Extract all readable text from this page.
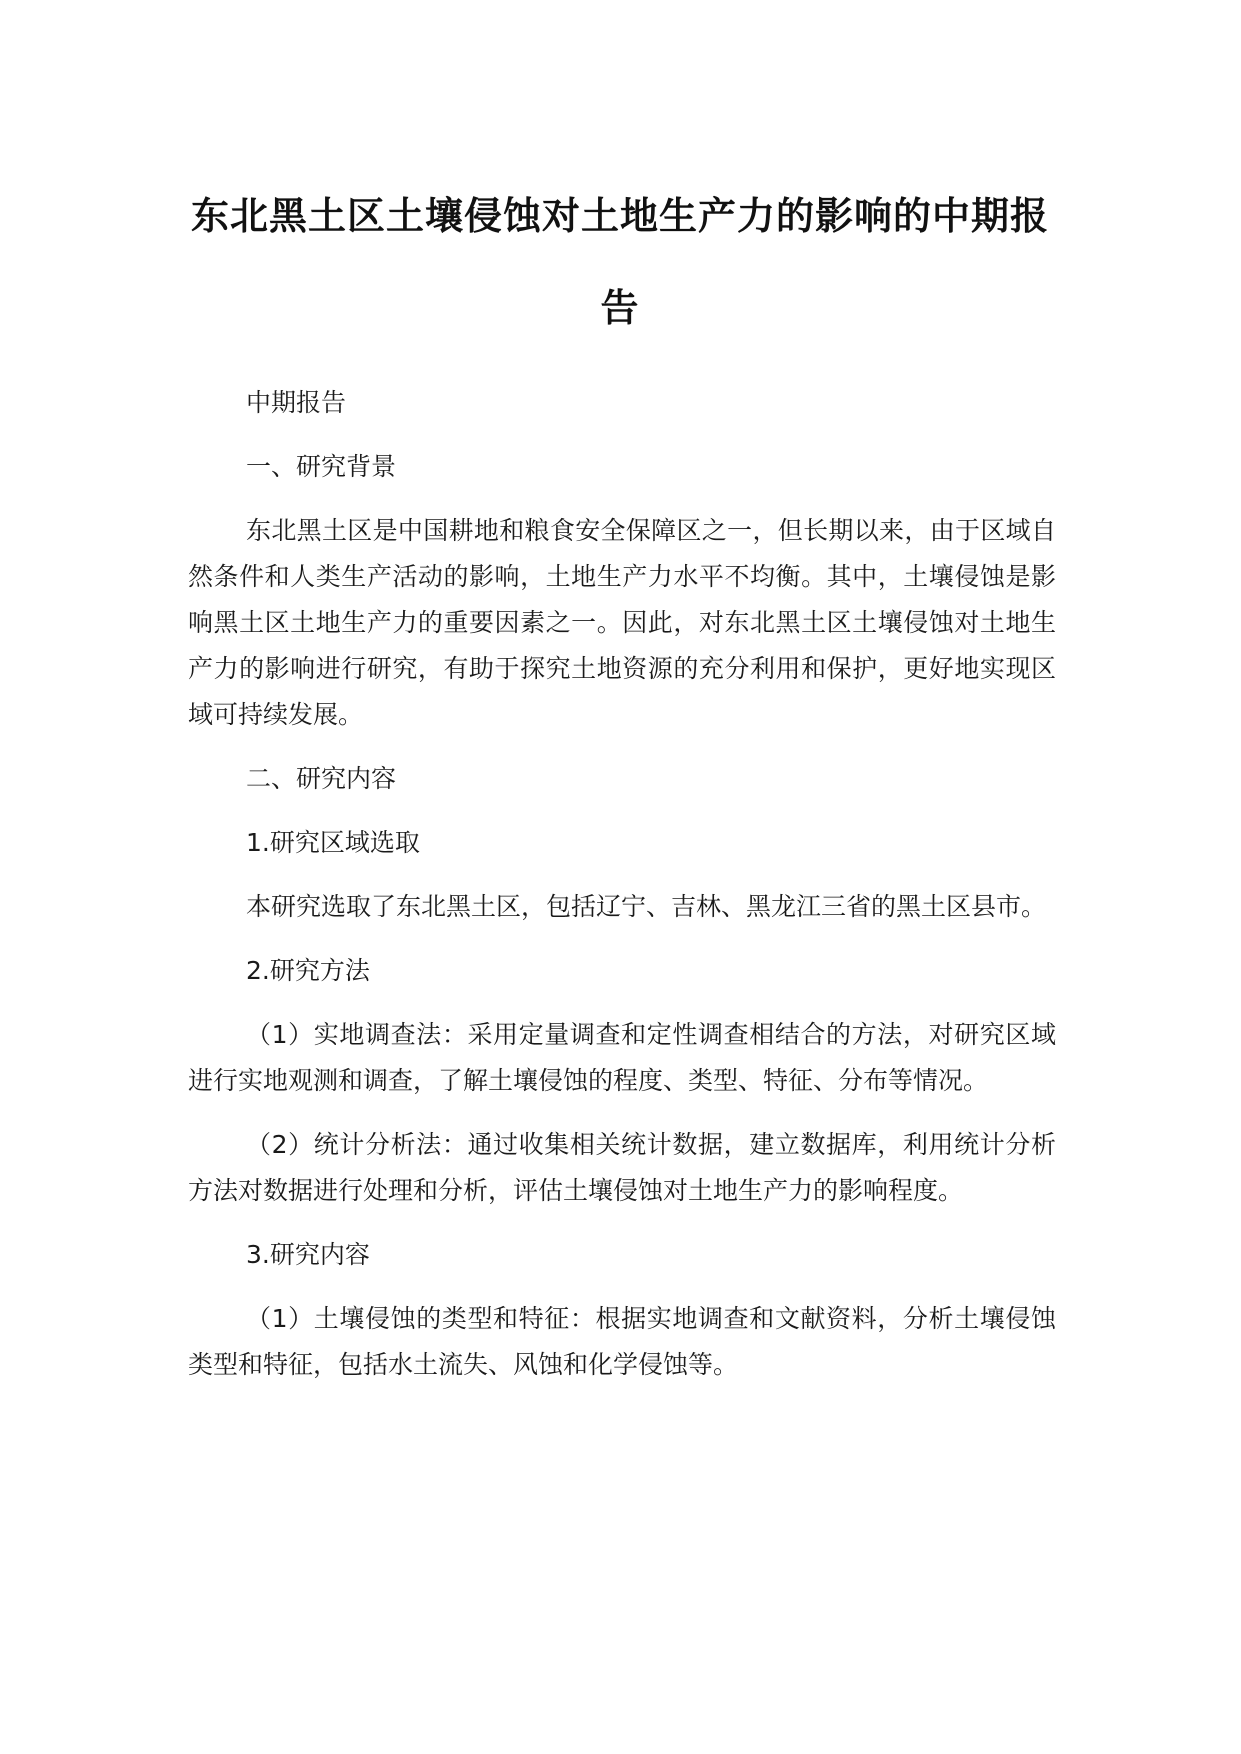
东北黑土区土壤侵蚀对土地生产力的影响的中期报告

中期报告

一、研究背景

东北黑土区是中国耕地和粮食安全保障区之一，但长期以来，由于区域自然条件和人类生产活动的影响，土地生产力水平不均衡。其中，土壤侵蚀是影响黑土区土地生产力的重要因素之一。因此，对东北黑土区土壤侵蚀对土地生产力的影响进行研究，有助于探究土地资源的充分利用和保护，更好地实现区域可持续发展。

二、研究内容

1.研究区域选取

本研究选取了东北黑土区，包括辽宁、吉林、黑龙江三省的黑土区县市。

2.研究方法

（1）实地调查法：采用定量调查和定性调查相结合的方法，对研究区域进行实地观测和调查，了解土壤侵蚀的程度、类型、特征、分布等情况。

（2）统计分析法：通过收集相关统计数据，建立数据库，利用统计分析方法对数据进行处理和分析，评估土壤侵蚀对土地生产力的影响程度。

3.研究内容

（1）土壤侵蚀的类型和特征：根据实地调查和文献资料，分析土壤侵蚀类型和特征，包括水土流失、风蚀和化学侵蚀等。
